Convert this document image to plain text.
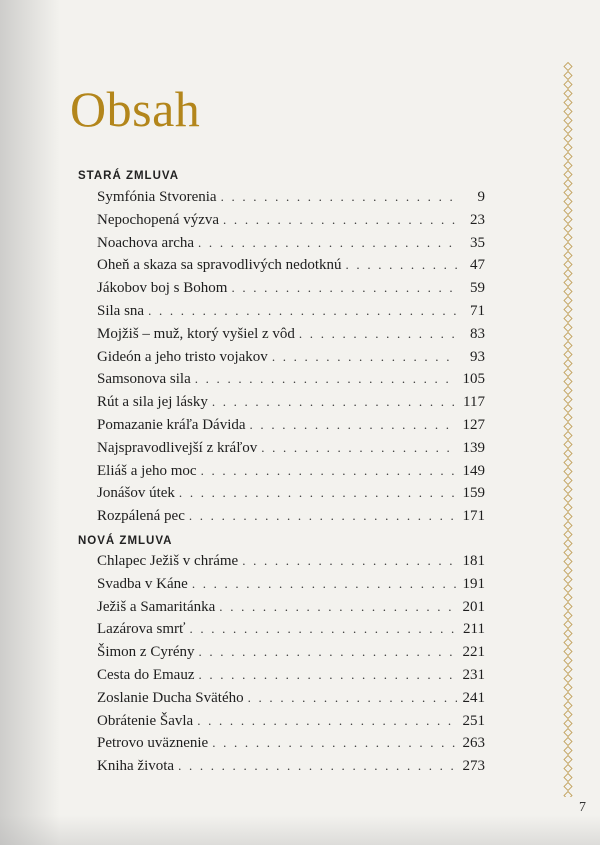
Obsah
STARÁ ZMLUVA
Symfónia Stvorenia . . .	9
Nepochopená výzva . . .	23
Noachova archa . . .	35
Oheň a skaza sa spravodlivých nedotknú . . .	47
Jákobov boj s Bohom . . .	59
Sila sna . . .	71
Mojžiš – muž, ktorý vyšiel z vôd . . .	83
Gideón a jeho tristo vojakov . . .	93
Samsonova sila . . .	105
Rút a sila jej lásky . . .	117
Pomazanie kráľa Dávida . . .	127
Najspravodlivejší z kráľov . . .	139
Eliáš a jeho moc . . .	149
Jonášov útek . . .	159
Rozpálená pec . . .	171
NOVÁ ZMLUVA
Chlapec Ježiš v chráme . . .	181
Svadba v Káne . . .	191
Ježiš a Samaritánka . . .	201
Lazárova smrť . . .	211
Šimon z Cyrény . . .	221
Cesta do Emauz . . .	231
Zoslanie Ducha Svätého . . .	241
Obrátenie Šavla . . .	251
Petrovo uväznenie . . .	263
Kniha života . . .	273
7
